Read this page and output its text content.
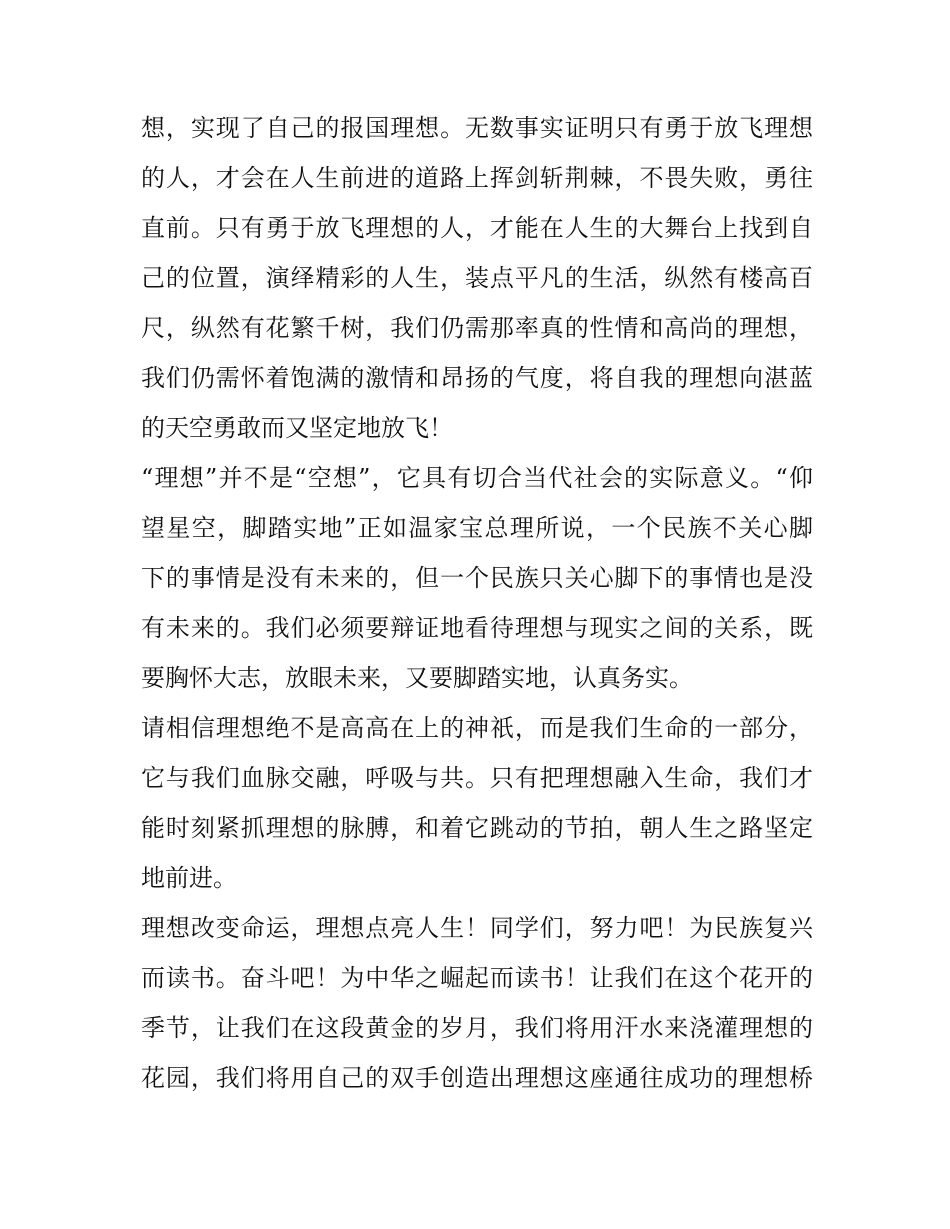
想，实现了自己的报国理想。无数事实证明只有勇于放飞理想
的人，才会在人生前进的道路上挥剑斩荆棘，不畏失败，勇往
直前。只有勇于放飞理想的人，才能在人生的大舞台上找到自
己的位置，演绎精彩的人生，装点平凡的生活，纵然有楼高百
尺，纵然有花繁千树，我们仍需那率真的性情和高尚的理想，
我们仍需怀着饱满的激情和昂扬的气度，将自我的理想向湛蓝
的天空勇敢而又坚定地放飞！
“理想”并不是“空想”，它具有切合当代社会的实际意义。“仰
望星空，脚踏实地”正如温家宝总理所说，一个民族不关心脚
下的事情是没有未来的，但一个民族只关心脚下的事情也是没
有未来的。我们必须要辩证地看待理想与现实之间的关系，既
要胸怀大志，放眼未来，又要脚踏实地，认真务实。
请相信理想绝不是高高在上的神祇，而是我们生命的一部分，
它与我们血脉交融，呼吸与共。只有把理想融入生命，我们才
能时刻紧抓理想的脉膊，和着它跳动的节拍，朝人生之路坚定
地前进。
理想改变命运，理想点亮人生！同学们，努力吧！为民族复兴
而读书。奋斗吧！为中华之崛起而读书！让我们在这个花开的
季节，让我们在这段黄金的岁月，我们将用汗水来浇灌理想的
花园，我们将用自己的双手创造出理想这座通往成功的理想桥
